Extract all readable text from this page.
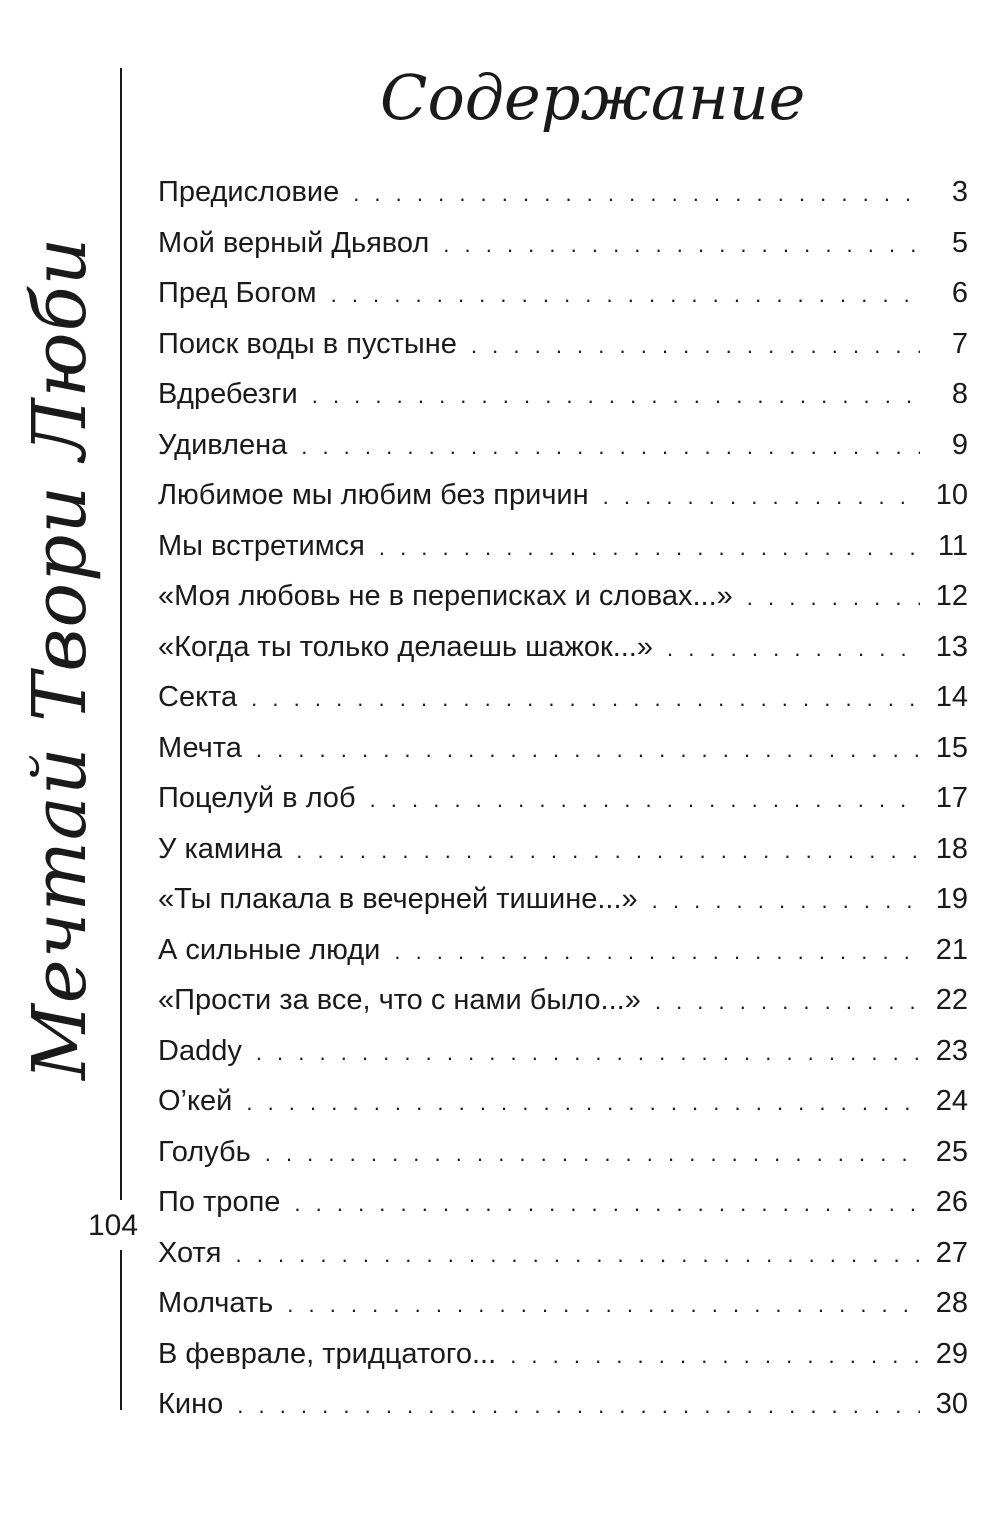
Мечтай Твори Люби
104
Содержание
Предисловие . . .	3
Мой верный Дьявол . . .	5
Пред Богом . . .	6
Поиск воды в пустыне . . .	7
Вдребезги . . .	8
Удивлена . . .	9
Любимое мы любим без причин . . .	10
Мы встретимся . . .	11
«Моя любовь не в переписках и словах...» . . .	12
«Когда ты только делаешь шажок...» . . .	13
Секта . . .	14
Мечта . . .	15
Поцелуй в лоб . . .	17
У камина . . .	18
«Ты плакала в вечерней тишине...» . . .	19
А сильные люди . . .	21
«Прости за все, что с нами было...» . . .	22
Daddy . . .	23
О’кей . . .	24
Голубь . . .	25
По тропе . . .	26
Хотя . . .	27
Молчать . . .	28
В феврале, тридцатого... . . .	29
Кино . . .	30
